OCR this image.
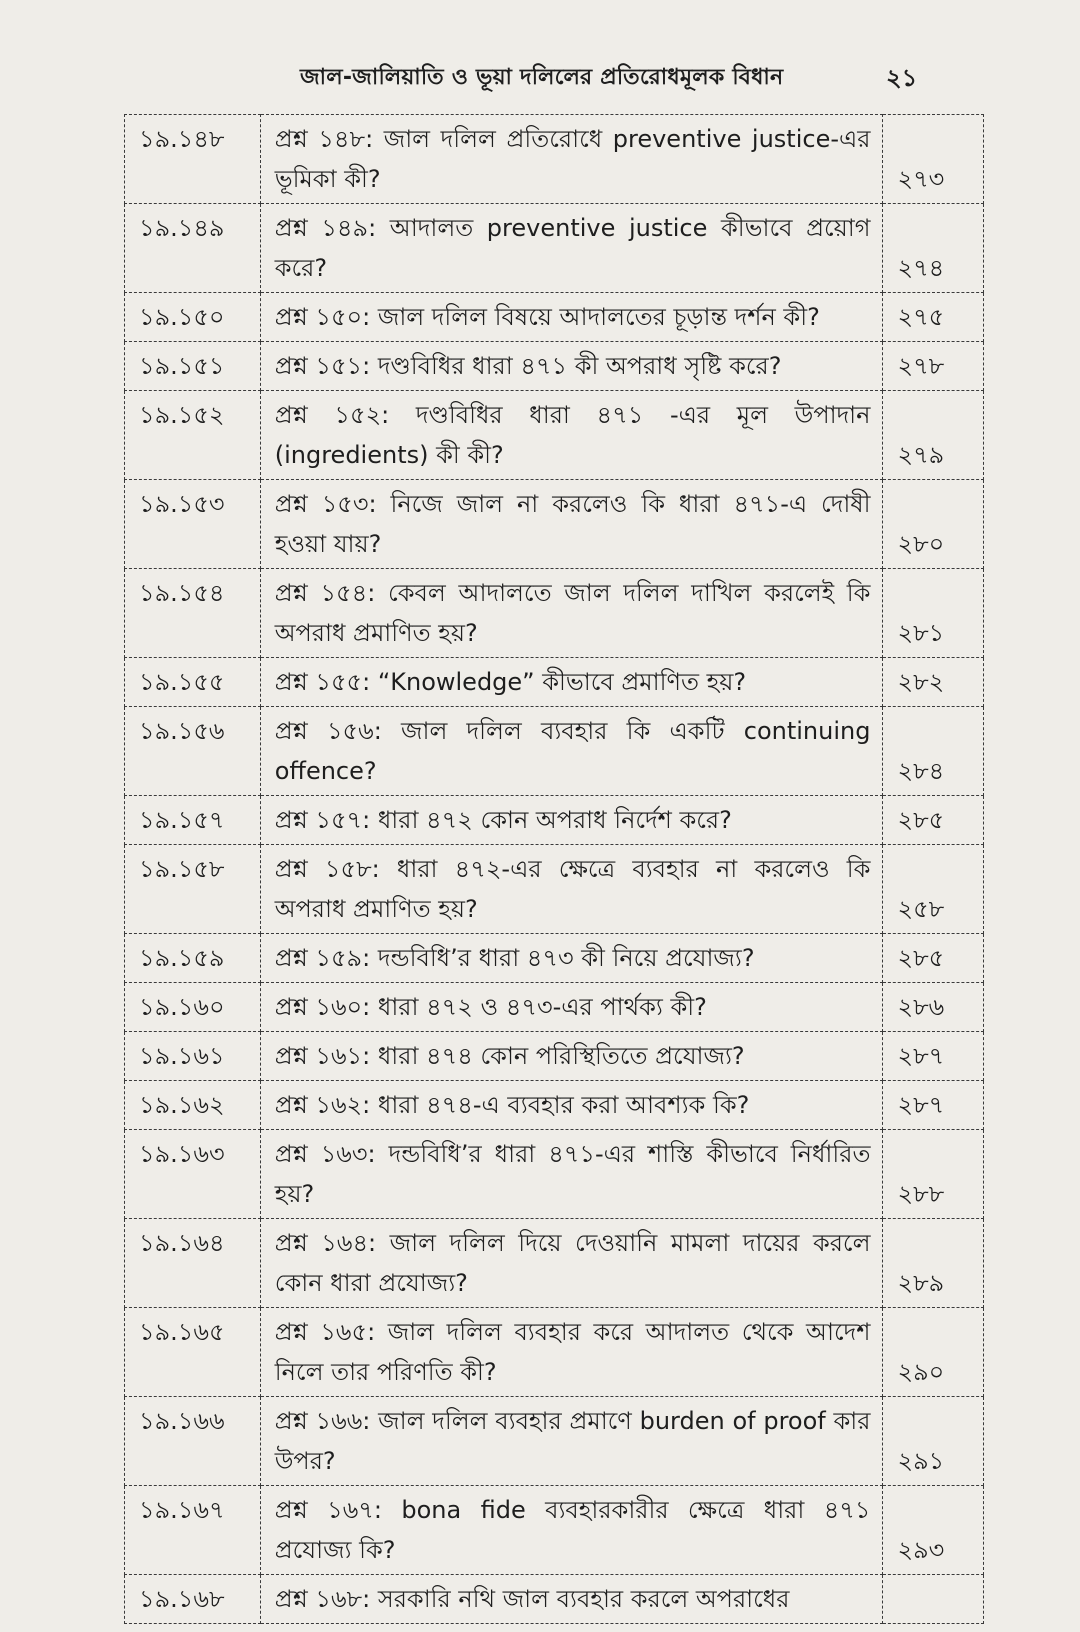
জাল-জালিয়াতি ও ভূয়া দলিলের প্রতিরোধমূলক বিধান	২১
১৯.১৪৮	প্রশ্ন ১৪৮: জাল দলিল প্রতিরোধে preventive justice-এর ভূমিকা কী?	২৭৩
১৯.১৪৯	প্রশ্ন ১৪৯: আদালত preventive justice কীভাবে প্রয়োগ করে?	২৭৪
১৯.১৫০	প্রশ্ন ১৫০: জাল দলিল বিষয়ে আদালতের চূড়ান্ত দর্শন কী?	২৭৫
১৯.১৫১	প্রশ্ন ১৫১: দণ্ডবিধির ধারা ৪৭১ কী অপরাধ সৃষ্টি করে?	২৭৮
১৯.১৫২	প্রশ্ন ১৫২: দণ্ডবিধির ধারা ৪৭১ -এর মূল উপাদান (ingredients) কী কী?	২৭৯
১৯.১৫৩	প্রশ্ন ১৫৩: নিজে জাল না করলেও কি ধারা ৪৭১-এ দোষী হওয়া যায়?	২৮০
১৯.১৫৪	প্রশ্ন ১৫৪: কেবল আদালতে জাল দলিল দাখিল করলেই কি অপরাধ প্রমাণিত হয়?	২৮১
১৯.১৫৫	প্রশ্ন ১৫৫: “Knowledge” কীভাবে প্রমাণিত হয়?	২৮২
১৯.১৫৬	প্রশ্ন ১৫৬: জাল দলিল ব্যবহার কি একটি continuing offence?	২৮৪
১৯.১৫৭	প্রশ্ন ১৫৭: ধারা ৪৭২ কোন অপরাধ নির্দেশ করে?	২৮৫
১৯.১৫৮	প্রশ্ন ১৫৮: ধারা ৪৭২-এর ক্ষেত্রে ব্যবহার না করলেও কি অপরাধ প্রমাণিত হয়?	২৫৮
১৯.১৫৯	প্রশ্ন ১৫৯: দন্ডবিধি’র ধারা ৪৭৩ কী নিয়ে প্রযোজ্য?	২৮৫
১৯.১৬০	প্রশ্ন ১৬০: ধারা ৪৭২ ও ৪৭৩-এর পার্থক্য কী?	২৮৬
১৯.১৬১	প্রশ্ন ১৬১: ধারা ৪৭৪ কোন পরিস্থিতিতে প্রযোজ্য?	২৮৭
১৯.১৬২	প্রশ্ন ১৬২: ধারা ৪৭৪-এ ব্যবহার করা আবশ্যক কি?	২৮৭
১৯.১৬৩	প্রশ্ন ১৬৩: দন্ডবিধি’র ধারা ৪৭১-এর শাস্তি কীভাবে নির্ধারিত হয়?	২৮৮
১৯.১৬৪	প্রশ্ন ১৬৪: জাল দলিল দিয়ে দেওয়ানি মামলা দায়ের করলে কোন ধারা প্রযোজ্য?	২৮৯
১৯.১৬৫	প্রশ্ন ১৬৫: জাল দলিল ব্যবহার করে আদালত থেকে আদেশ নিলে তার পরিণতি কী?	২৯০
১৯.১৬৬	প্রশ্ন ১৬৬: জাল দলিল ব্যবহার প্রমাণে burden of proof কার উপর?	২৯১
১৯.১৬৭	প্রশ্ন ১৬৭: bona fide ব্যবহারকারীর ক্ষেত্রে ধারা ৪৭১ প্রযোজ্য কি?	২৯৩
১৯.১৬৮	প্রশ্ন ১৬৮: সরকারি নথি জাল ব্যবহার করলে অপরাধের	
